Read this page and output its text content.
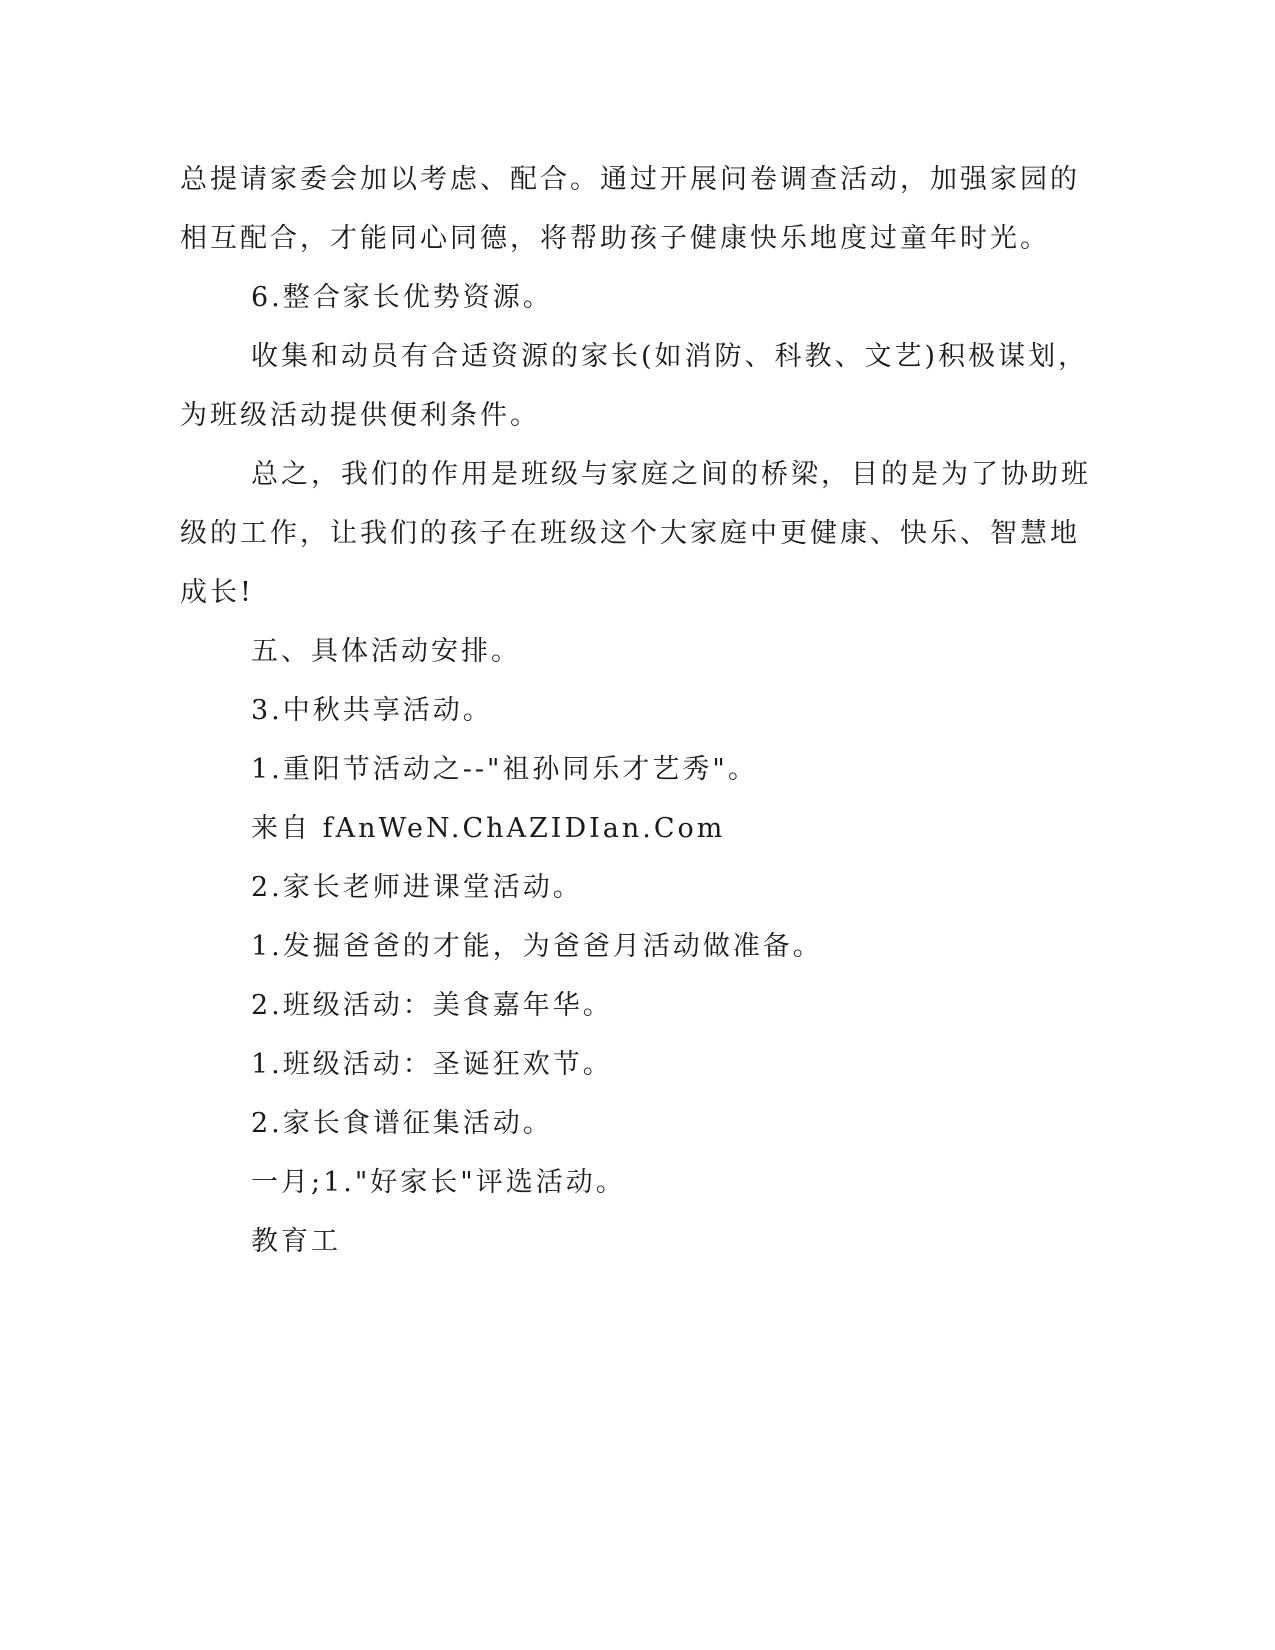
总提请家委会加以考虑、配合。通过开展问卷调查活动，加强家园的

相互配合，才能同心同德，将帮助孩子健康快乐地度过童年时光。

6.整合家长优势资源。

收集和动员有合适资源的家长(如消防、科教、文艺)积极谋划，

为班级活动提供便利条件。

总之，我们的作用是班级与家庭之间的桥梁，目的是为了协助班

级的工作，让我们的孩子在班级这个大家庭中更健康、快乐、智慧地

成长!

五、具体活动安排。

3.中秋共享活动。

1.重阳节活动之--"祖孙同乐才艺秀"。

来自 fAnWeN.ChAZIDIan.Com

2.家长老师进课堂活动。

1.发掘爸爸的才能，为爸爸月活动做准备。

2.班级活动：美食嘉年华。

1.班级活动：圣诞狂欢节。

2.家长食谱征集活动。

一月;1."好家长"评选活动。

教育工
